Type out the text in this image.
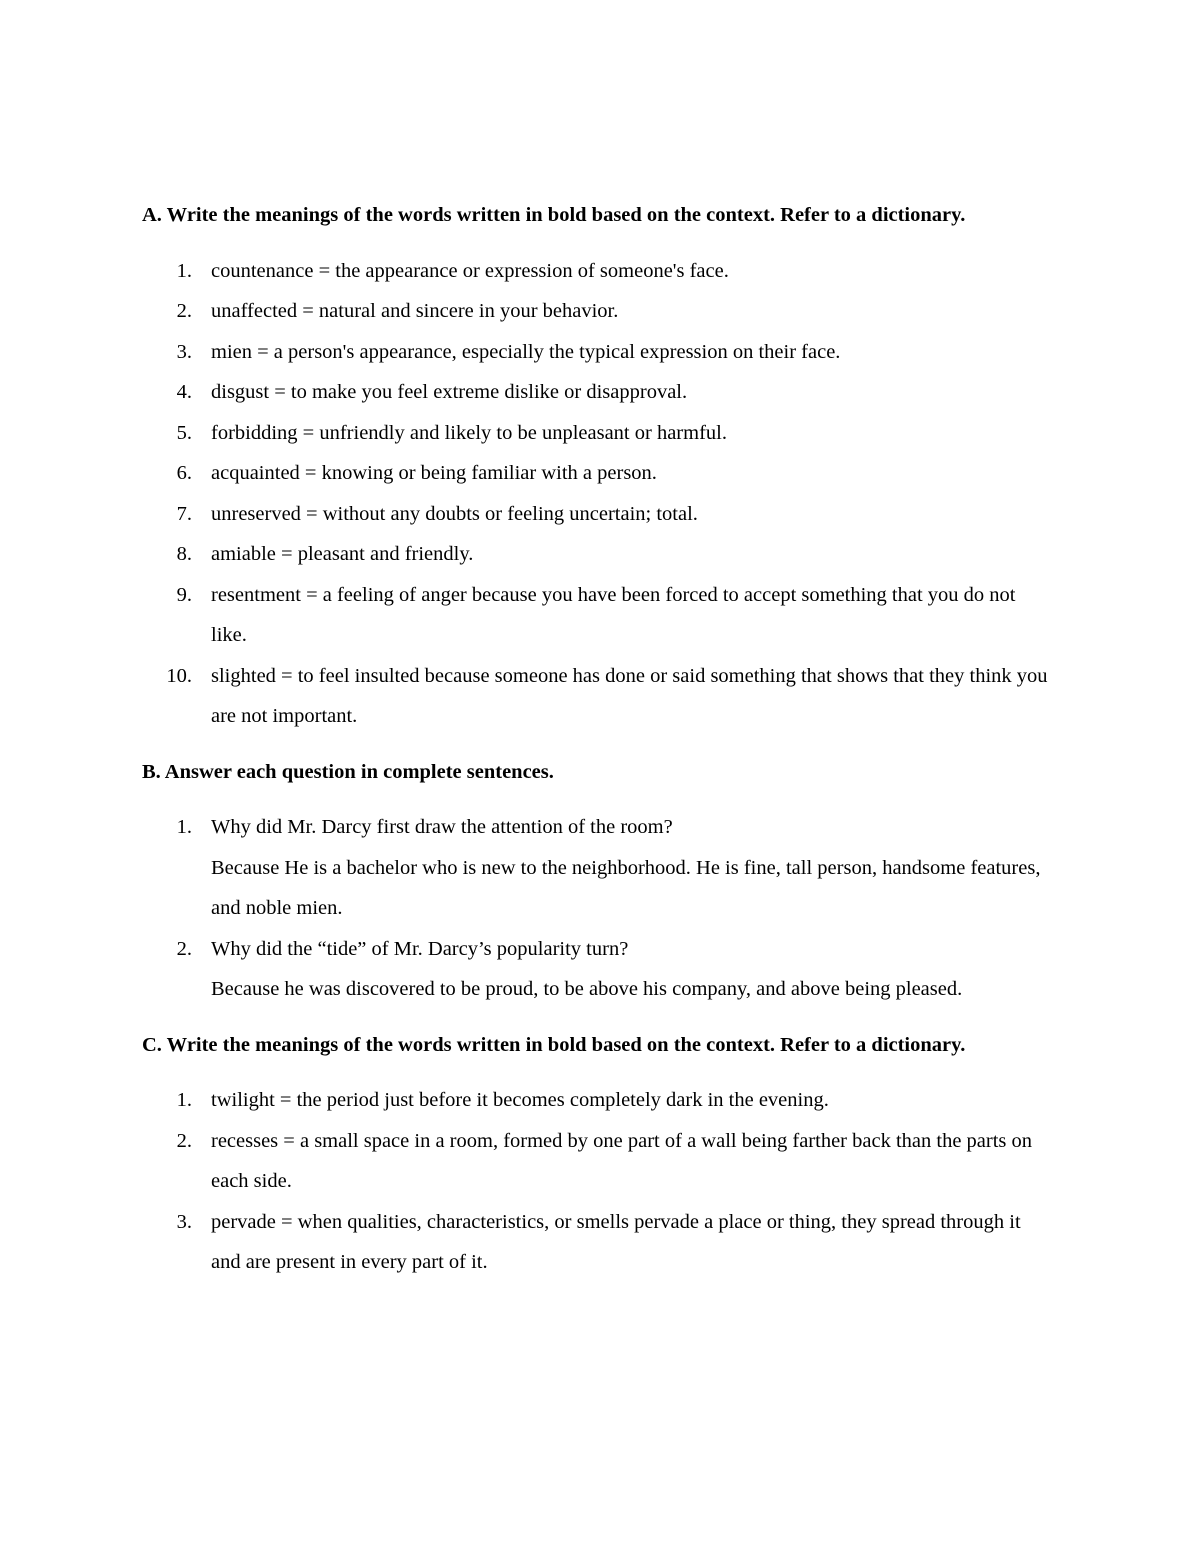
A. Write the meanings of the words written in bold based on the context. Refer to a dictionary.

1. countenance = the appearance or expression of someone's face.
2. unaffected = natural and sincere in your behavior.
3. mien = a person's appearance, especially the typical expression on their face.
4. disgust = to make you feel extreme dislike or disapproval.
5. forbidding = unfriendly and likely to be unpleasant or harmful.
6. acquainted = knowing or being familiar with a person.
7. unreserved = without any doubts or feeling uncertain; total.
8. amiable = pleasant and friendly.
9. resentment = a feeling of anger because you have been forced to accept something that you do not like.
10. slighted = to feel insulted because someone has done or said something that shows that they think you are not important.

B. Answer each question in complete sentences.

1. Why did Mr. Darcy first draw the attention of the room?
Because He is a bachelor who is new to the neighborhood. He is fine, tall person, handsome features, and noble mien.
2. Why did the “tide” of Mr. Darcy’s popularity turn?
Because he was discovered to be proud, to be above his company, and above being pleased.

C. Write the meanings of the words written in bold based on the context. Refer to a dictionary.

1. twilight = the period just before it becomes completely dark in the evening.
2. recesses = a small space in a room, formed by one part of a wall being farther back than the parts on each side.
3. pervade = when qualities, characteristics, or smells pervade a place or thing, they spread through it and are present in every part of it.
